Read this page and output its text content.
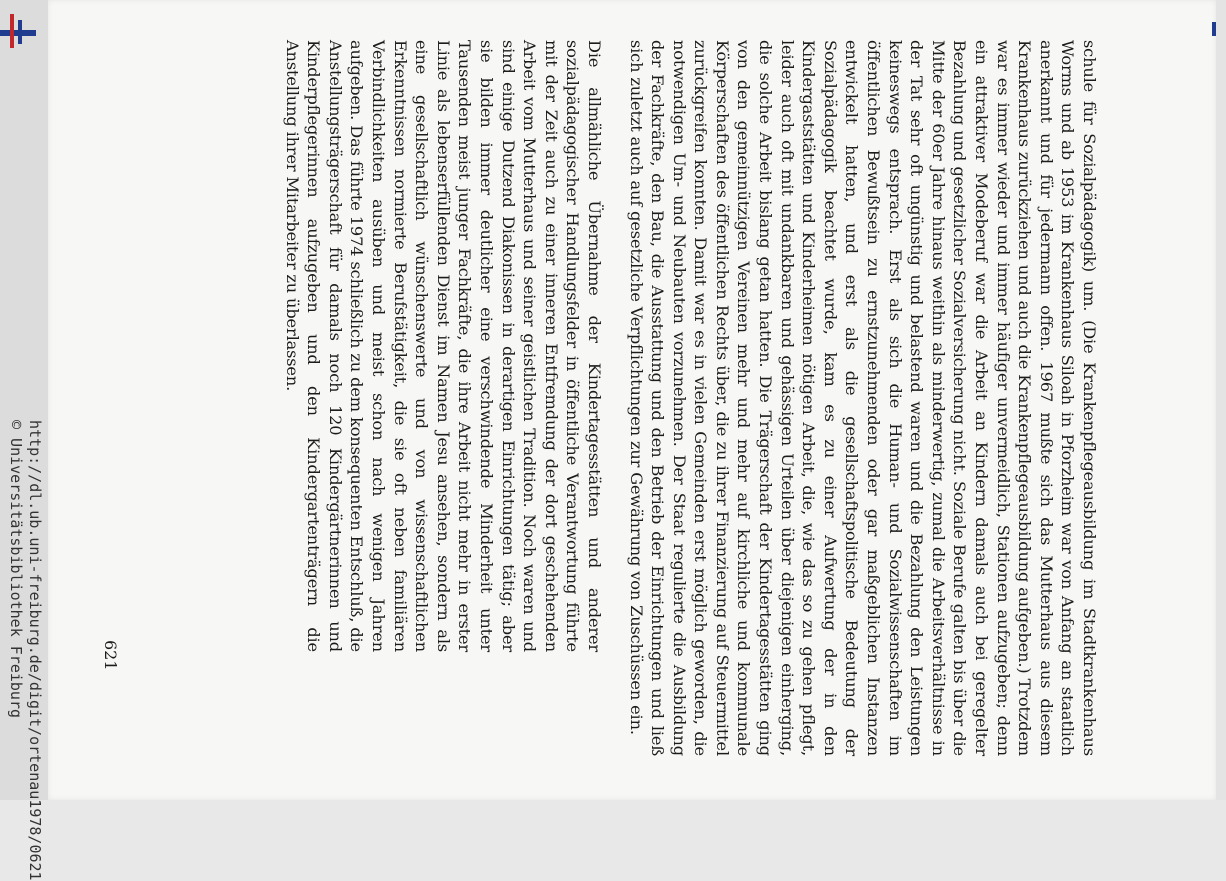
http://dl.ub.uni-freiburg.de/digit/ortenau1978/0621
© Universitätsbibliothek Freiburg	schule für Sozialpädagogik) um. (Die Krankenpflegeausbildung im Stadtkrankenhaus Worms und ab 1953 im Krankenhaus Siloah in Pforzheim war von Anfang an staatlich anerkannt und für jedermann offen. 1967 mußte sich das Mutterhaus aus diesem Krankenhaus zurückziehen und auch die Krankenpflegeausbildung aufgeben.) Trotzdem war es immer wieder und immer häufiger unvermeidlich, Stationen aufzugeben; denn ein attraktiver Modeberuf war die Arbeit an Kindern damals auch bei geregelter Bezahlung und gesetzlicher Sozialversicherung nicht. Soziale Berufe galten bis über die Mitte der 60er Jahre hinaus weithin als minderwertig, zumal die Arbeitsverhältnisse in der Tat sehr oft ungünstig und belastend waren und die Bezahlung den Leistungen keineswegs entsprach. Erst als sich die Human- und Sozialwissenschaften im öffentlichen Bewußtsein zu ernstzunehmenden oder gar maßgeblichen Instanzen entwickelt hatten, und erst als die gesellschaftspolitische Bedeutung der Sozialpädagogik beachtet wurde, kam es zu einer Aufwertung der in den Kindergaststätten und Kinderheimen nötigen Arbeit, die, wie das so zu gehen pflegt, leider auch oft mit undankbaren und gehässigen Urteilen über diejenigen einherging, die solche Arbeit bislang getan hatten. Die Trägerschaft der Kindertagesstätten ging von den gemeinnützigen Vereinen mehr und mehr auf kirchliche und kommunale Körperschaften des öffentlichen Rechts über, die zu ihrer Finanzierung auf Steuermittel zurückgreifen konnten. Damit war es in vielen Gemeinden erst möglich geworden, die notwendigen Um- und Neubauten vorzunehmen. Der Staat regulierte die Ausbildung der Fachkräfte, den Bau, die Ausstattung und den Betrieb der Einrichtungen und ließ sich zuletzt auch auf gesetzliche Verpflichtungen zur Gewährung von Zuschüssen ein.

Die allmähliche Übernahme der Kindertagesstätten und anderer sozialpädagogischer Handlungsfelder in öffentliche Verantwortung führte mit der Zeit auch zu einer inneren Entfremdung der dort geschehenden Arbeit vom Mutterhaus und seiner geistlichen Tradition. Noch waren und sind einige Dutzend Diakonissen in derartigen Einrichtungen tätig; aber sie bilden immer deutlicher eine verschwindende Minderheit unter Tausenden meist junger Fachkräfte, die ihre Arbeit nicht mehr in erster Linie als lebenserfüllenden Dienst im Namen Jesu ansehen, sondern als eine gesellschaftlich wünschenswerte und von wissenschaftlichen Erkenntnissen normierte Berufstätigkeit, die sie oft neben familiären Verbindlichkeiten ausüben und meist schon nach wenigen Jahren aufgeben. Das führte 1974 schließlich zu dem konsequenten Entschluß, die Anstellungsträgerschaft für damals noch 120 Kindergärtnerinnen und Kinderpflegerinnen aufzugeben und den Kindergartenträgern die Anstellung ihrer Mitarbeiter zu überlassen.

621
